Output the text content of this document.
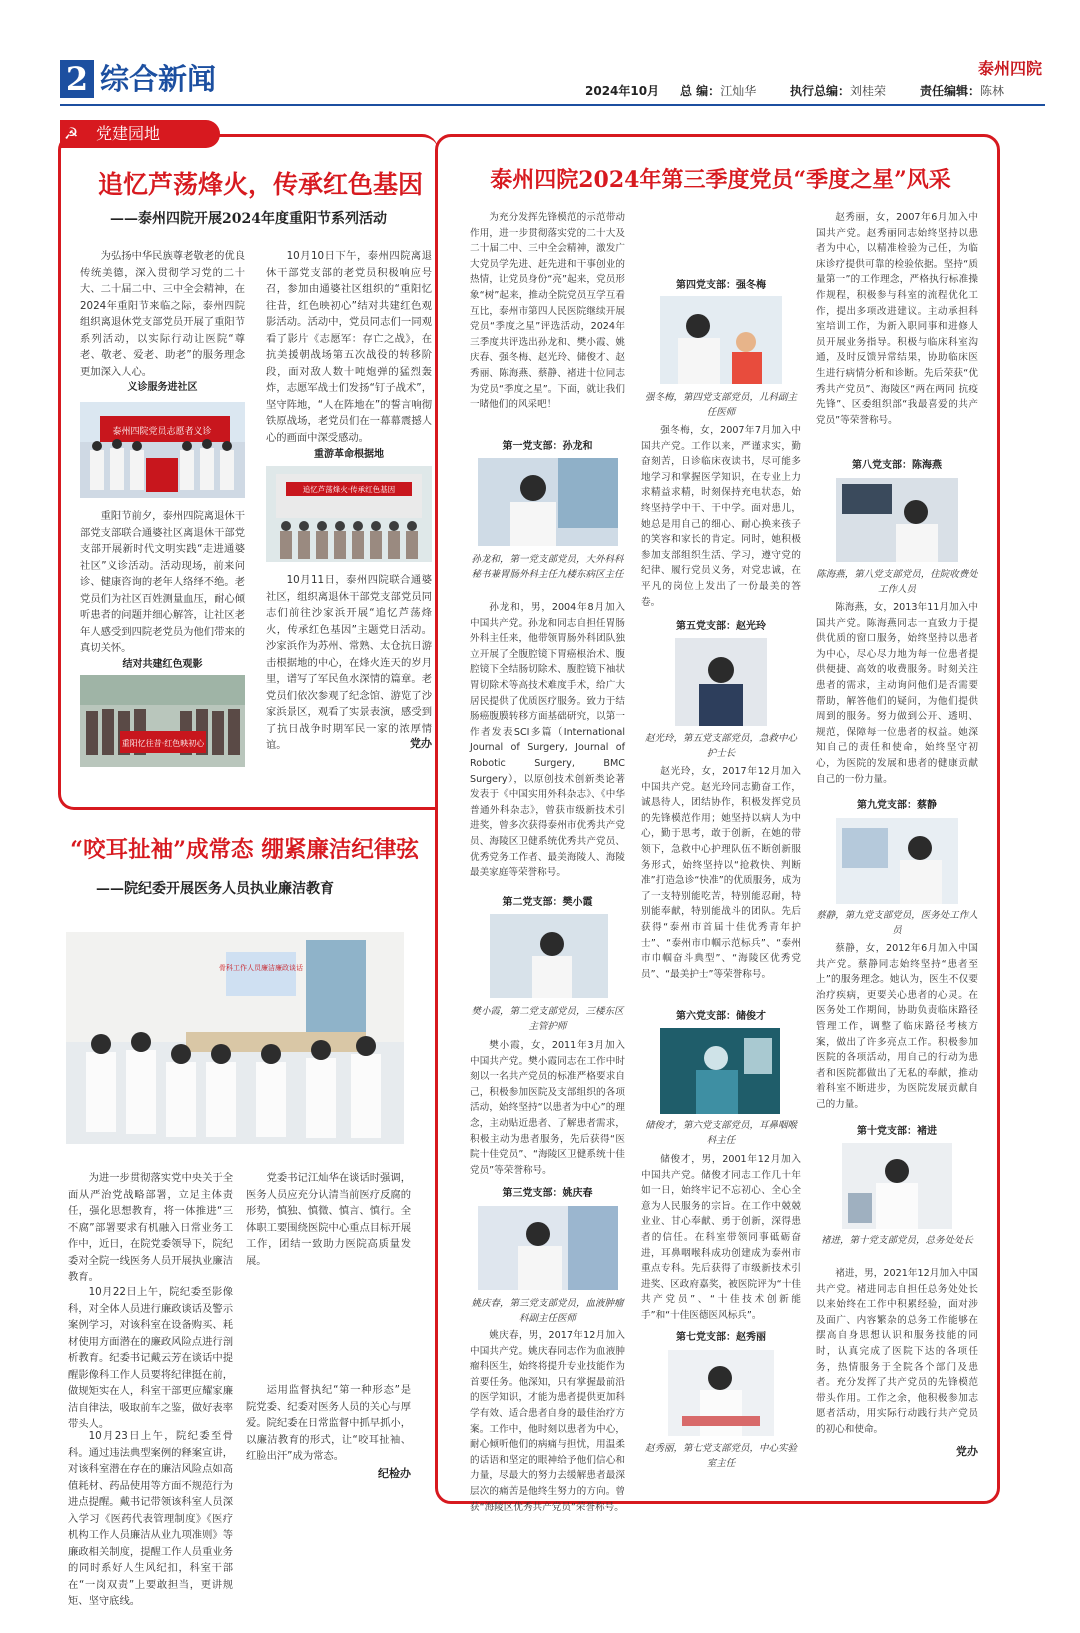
2 综合新闻	泰州四院
2024年10月 总 编：江灿华	执行总编：刘桂荣	责任编辑：陈林
党建园地
☭
追忆芦荡烽火，传承红色基因
——泰州四院开展2024年度重阳节系列活动
为弘扬中华民族尊老敬老的优良传统美德，深入贯彻学习党的二十大、二十届二中、三中全会精神，在2024年重阳节来临之际，泰州四院组织离退休党支部党员开展了重阳节系列活动，以实际行动让医院“尊老、敬老、爱老、助老”的服务理念更加深入人心。
义诊服务进社区
泰州四院党员志愿者义诊
重阳节前夕，泰州四院离退休干部党支部联合通婆社区离退休干部党支部开展新时代文明实践“走进通婆社区”义诊活动。活动现场，前来问诊、健康咨询的老年人络绎不绝。老党员们为社区百姓测量血压，耐心倾听患者的问题并细心解答，让社区老年人感受到四院老党员为他们带来的真切关怀。
结对共建红色观影
重阳忆往昔·红色映初心
10月10日下午，泰州四院离退休干部党支部的老党员积极响应号召，参加由通婆社区组织的“重阳忆往昔，红色映初心”结对共建红色观影活动。活动中，党员同志们一同观看了影片《志愿军：存亡之战》，在抗美援朝战场第五次战役的转移阶段，面对敌人数十吨炮弹的猛烈轰炸，志愿军战士们发扬“钉子战术”，坚守阵地，“人在阵地在”的誓言响彻铁原战场，老党员们在一幕幕震撼人心的画面中深受感动。
重游革命根据地
追忆芦荡烽火·传承红色基因
10月11日，泰州四院联合通婆社区，组织离退休干部党支部党员同志们前往沙家浜开展“追忆芦荡烽火，传承红色基因”主题党日活动。沙家浜作为苏州、常熟、太仓抗日游击根据地的中心，在烽火连天的岁月里，谱写了军民鱼水深情的篇章。老党员们依次参观了纪念馆、游览了沙家浜景区，观看了实景表演，感受到了抗日战争时期军民一家的浓厚情谊。	党办
“咬耳扯袖”成常态 绷紧廉洁纪律弦
——院纪委开展医务人员执业廉洁教育
骨科工作人员廉洁廉政谈话
为进一步贯彻落实党中央关于全面从严治党战略部署，立足主体责任，强化思想教育，将一体推进“三不腐”部署要求有机融入日常业务工作中，近日，在院党委领导下，院纪委对全院一线医务人员开展执业廉洁教育。
10月22日上午，院纪委至影像科，对全体人员进行廉政谈话及警示案例学习，对该科室在设备购买、耗材使用方面潜在的廉政风险点进行剖析教育。纪委书记戴云芳在谈话中提醒影像科工作人员要将纪律挺在前，做规矩实在人，科室干部更应耀家廉洁自律法，吸取前车之鉴，做好表率带头人。
10月23日上午，院纪委至骨科。通过违法典型案例的释案宣讲，对该科室潜在存在的廉洁风险点如高值耗材、药品使用等方面不规范行为进点提醒。戴书记带领该科室人员深入学习《医药代表管理制度》《医疗机构工作人员廉洁从业九项准则》等廉政相关制度，提醒工作人员重业务的同时系好人生风纪扣，科室干部在“一岗双责”上要敢担当，更讲规矩、坚守底线。
党委书记江灿华在谈话时强调，医务人员应充分认清当前医疗反腐的形势，慎独、慎微、慎言、慎行。全体职工要围绕医院中心重点目标开展工作，团结一致助力医院高质量发展。
运用监督执纪“第一种形态”是院党委、纪委对医务人员的关心与厚爱。院纪委在日常监督中抓早抓小，以廉洁教育的形式，让“咬耳扯袖、红脸出汗”成为常态。
纪检办
泰州四院2024年第三季度党员“季度之星”风采
为充分发挥先锋模范的示范带动作用，进一步贯彻落实党的二十大及二十届二中、三中全会精神，激发广大党员学先进、赶先进和干事创业的热情，让党员身份“亮”起来，党员形象“树”起来，推动全院党员互学互看互比，泰州市第四人民医院继续开展党员“季度之星”评选活动，2024年三季度共评选出孙龙和、樊小霞、姚庆春、强冬梅、赵光玲、储俊才、赵秀丽、陈海燕、蔡静、褚进十位同志为党员“季度之星”。下面，就让我们一睹他们的风采吧！
第一党支部：孙龙和
孙龙和，第一党支部党员，大外科科秘书兼胃肠外科主任九楼东病区主任
孙龙和，男，2004年8月加入中国共产党。孙龙和同志自担任胃肠外科主任来，他带领胃肠外科团队独立开展了全腹腔镜下胃癌根治术、腹腔镜下全结肠切除术、腹腔镜下袖状胃切除术等高技术难度手术，给广大居民提供了优质医疗服务。致力于结肠癌腹膜转移方面基础研究，以第一作者发表SCI多篇（International Journal of Surgery, Journal of Robotic Surgery, BMC Surgery），以原创技术创新类论著发表于《中国实用外科杂志》、《中华普通外科杂志》，曾获市级新技术引进奖，曾多次获得泰州市优秀共产党员、海陵区卫健系统优秀共产党员、优秀党务工作者、最美海陵人、海陵最美家庭等荣誉称号。
第二党支部：樊小霞
樊小霞，第二党支部党员，三楼东区主管护师
樊小霞，女，2011年3月加入中国共产党。樊小霞同志在工作中时刻以一名共产党员的标准严格要求自己，积极参加医院及支部组织的各项活动，始终坚持“以患者为中心”的理念，主动贴近患者、了解患者需求，积极主动为患者服务，先后获得“医院十佳党员”、“海陵区卫健系统十佳党员”等荣誉称号。
第三党支部：姚庆春
姚庆春，第三党支部党员，血液肿瘤科副主任医师
姚庆春，男，2017年12月加入中国共产党。姚庆春同志作为血液肿瘤科医生，始终将提升专业技能作为首要任务。他深知，只有掌握最前沿的医学知识，才能为患者提供更加科学有效、适合患者自身的最佳治疗方案。工作中，他时刻以患者为中心，耐心倾听他们的病痛与担忧，用温柔的话语和坚定的眼神给予他们信心和力量，尽最大的努力去缓解患者最深层次的痛苦是他终生努力的方向。曾获“海陵区优秀共产党员”荣誉称号。
第四党支部：强冬梅
强冬梅，第四党支部党员，儿科副主任医师
强冬梅，女，2007年7月加入中国共产党。工作以来，严谨求实，勤奋刻苦，日诊临床夜读书，尽可能多地学习和掌握医学知识，在专业上力求精益求精，时刻保持充电状态，始终坚持学中干、干中学。面对患儿，她总是用自己的细心、耐心换来孩子的笑容和家长的肯定。同时，她积极参加支部组织生活、学习，遵守党的纪律、履行党员义务，对党忠诚，在平凡的岗位上发出了一份最美的答卷。
第五党支部：赵光玲
赵光玲，第五党支部党员，急救中心护士长
赵光玲，女，2017年12月加入中国共产党。赵光玲同志勤奋工作，诚恳待人，团结协作，积极发挥党员的先锋模范作用；她坚持以病人为中心，勤于思考，敢于创新，在她的带领下，急救中心护理队伍不断创新服务形式，始终坚持以“抢救快、判断准”打造急诊“快准”的优质服务，成为了一支特别能吃苦，特别能忍耐，特别能奉献，特别能战斗的团队。先后获得“泰州市首届十佳优秀青年护士”、“泰州市巾帼示范标兵”、“泰州市巾帼奋斗典型”、“海陵区优秀党员”、“最美护士”等荣誉称号。
第六党支部：储俊才
储俊才，第六党支部党员，耳鼻咽喉科主任
储俊才，男，2001年12月加入中国共产党。储俊才同志工作几十年如一日，始终牢记不忘初心、全心全意为人民服务的宗旨。在工作中兢兢业业、甘心奉献、勇于创新，深得患者的信任。在科室带领同事砥砺奋进，耳鼻咽喉科成功创建成为泰州市重点专科。先后获得了市级新技术引进奖、区政府嘉奖，被医院评为“十佳共产党员”、“十佳技术创新能手”和“十佳医德医风标兵”。
第七党支部：赵秀丽
赵秀丽，第七党支部党员，中心实验室主任
赵秀丽，女，2007年6月加入中国共产党。赵秀丽同志始终坚持以患者为中心，以精准检验为己任，为临床诊疗提供可靠的检验依据。坚持“质量第一”的工作理念，严格执行标准操作规程，积极参与科室的流程优化工作，提出多项改进建议。主动承担科室培训工作，为新入职同事和进修人员开展业务指导。积极与临床科室沟通，及时反馈异常结果，协助临床医生进行病情分析和诊断。先后荣获“优秀共产党员”、海陵区“两在两同 抗疫先锋”、区委组织部“我最喜爱的共产党员”等荣誉称号。
第八党支部：陈海燕
陈海燕，第八党支部党员，住院收费处工作人员
陈海燕，女，2013年11月加入中国共产党。陈海燕同志一直致力于提供优质的窗口服务，始终坚持以患者为中心，尽心尽力地为每一位患者提供便捷、高效的收费服务。时刻关注患者的需求，主动询问他们是否需要帮助，解答他们的疑问，为他们提供周到的服务。努力做到公开、透明、规范，保障每一位患者的权益。她深知自己的责任和使命，始终坚守初心，为医院的发展和患者的健康贡献自己的一份力量。
第九党支部：蔡静
蔡静，第九党支部党员，医务处工作人员
蔡静，女，2012年6月加入中国共产党。蔡静同志始终坚持“患者至上”的服务理念。她认为，医生不仅要治疗疾病，更要关心患者的心灵。在医务处工作期间，协助负责临床路径管理工作，调整了临床路径考核方案，做出了许多亮点工作。积极参加医院的各项活动，用自己的行动为患者和医院都做出了无私的奉献，推动着科室不断进步，为医院发展贡献自己的力量。
第十党支部：褚进
褚进，第十党支部党员，总务处处长
褚进，男，2021年12月加入中国共产党。褚进同志自担任总务处处长以来始终在工作中积累经验，面对涉及面广、内容繁杂的总务工作能够在摆高自身思想认识和服务技能的同时，认真完成了医院下达的各项任务，热情服务于全院各个部门及患者。充分发挥了共产党员的先锋模范带头作用。工作之余，他积极参加志愿者活动，用实际行动践行共产党员的初心和使命。
党办
